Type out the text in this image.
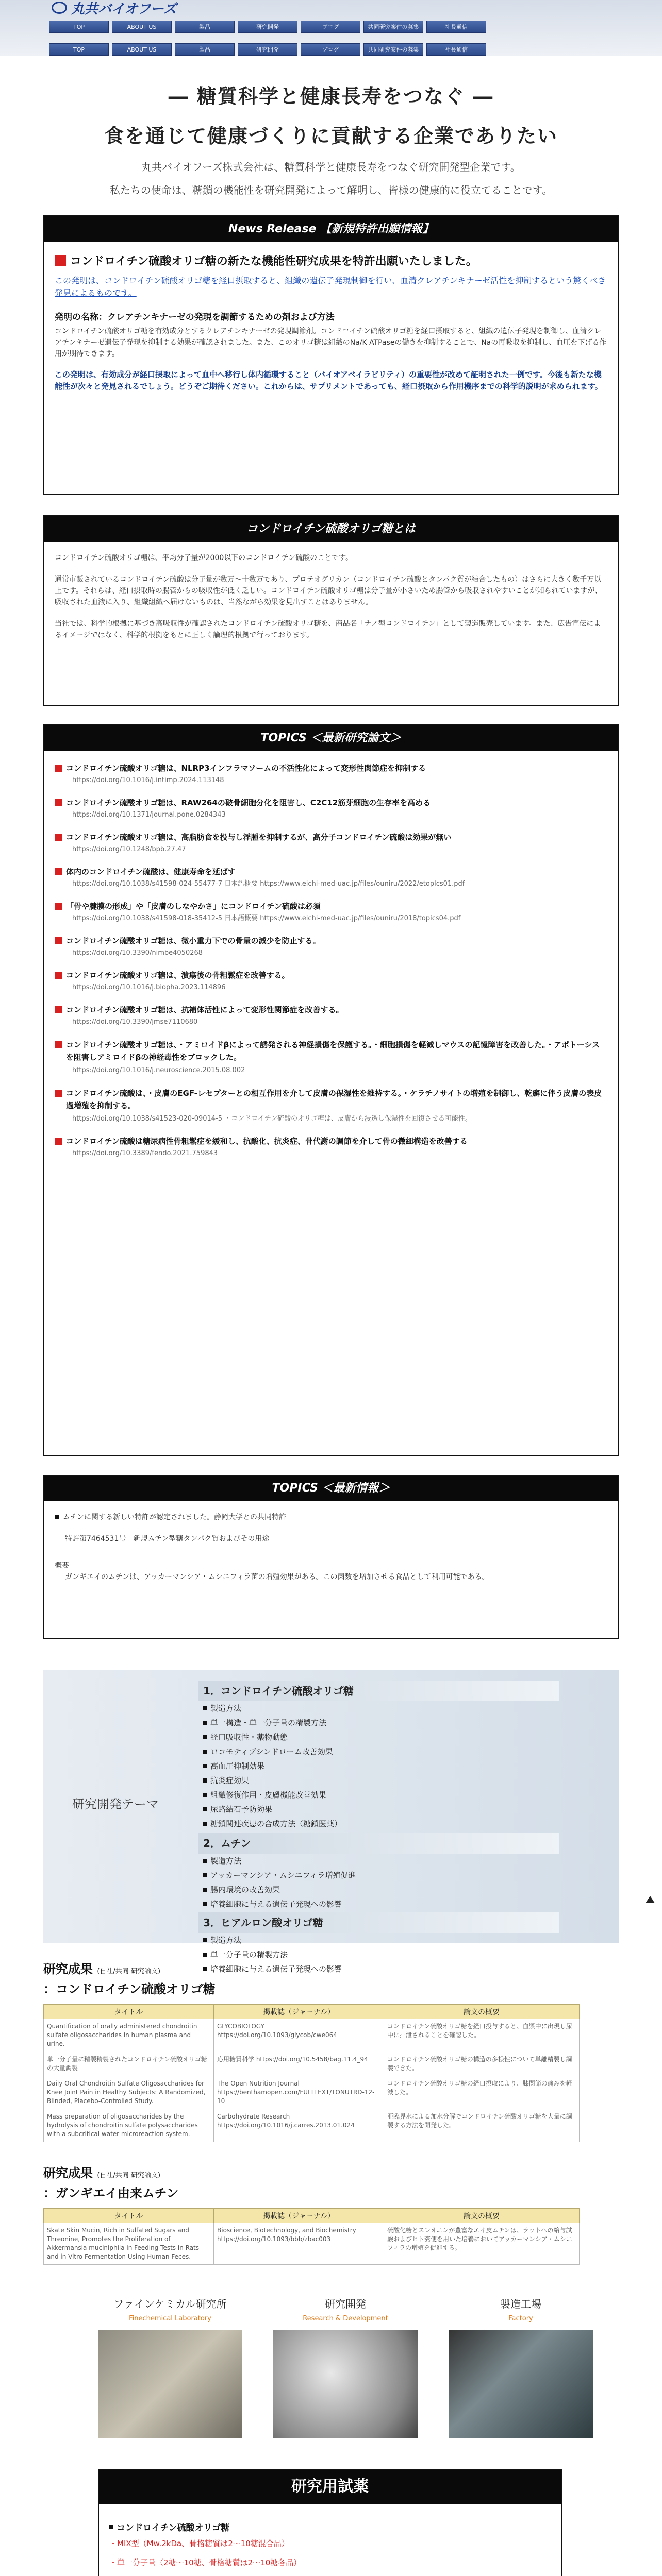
丸共バイオフーズ
TOP	ABOUT US	製品	研究開発	ブログ	共同研究案件の募集	社長通信
TOP	ABOUT US	製品	研究開発	ブログ	共同研究案件の募集	社長通信
― 糖質科学と健康長寿をつなぐ ―
食を通じて健康づくりに貢献する企業でありたい

丸共バイオフーズ株式会社は、糖質科学と健康長寿をつなぐ研究開発型企業です。

私たちの使命は、糖鎖の機能性を研究開発によって解明し、皆様の健康的に役立てることです。

News Release 【新規特許出願情報】
コンドロイチン硫酸オリゴ糖の新たな機能性研究成果を特許出願いたしました。
この発明は、コンドロイチン硫酸オリゴ糖を経口摂取すると、組織の遺伝子発現制御を行い、血清クレアチンキナーゼ活性を抑制するという驚くべき発見によるものです。
発明の名称：クレアチンキナーゼの発現を調節するための剤および方法
コンドロイチン硫酸オリゴ糖を有効成分とするクレアチンキナーゼの発現調節剤。コンドロイチン硫酸オリゴ糖を経口摂取すると、組織の遺伝子発現を制御し、血清クレアチンキナーゼ遺伝子発現を抑制する効果が確認されました。また、このオリゴ糖は組織のNa/K ATPaseの働きを抑制することで、Naの再吸収を抑制し、血圧を下げる作用が期待できます。
この発明は、有効成分が経口摂取によって血中へ移行し体内循環すること（バイオアベイラビリティ）の重要性が改めて証明された一例です。今後も新たな機能性が次々と発見されるでしょう。どうぞご期待ください。これからは、サプリメントであっても、経口摂取から作用機序までの科学的説明が求められます。
コンドロイチン硫酸オリゴ糖とは

コンドロイチン硫酸オリゴ糖は、平均分子量が2000以下のコンドロイチン硫酸のことです。

通常市販されているコンドロイチン硫酸は分子量が数万～十数万であり、プロテオグリカン（コンドロイチン硫酸とタンパク質が結合したもの）はさらに大きく数千万以上です。それらは、経口摂取時の腸管からの吸収性が低く乏しい。コンドロイチン硫酸オリゴ糖は分子量が小さいため腸管から吸収されやすいことが知られていますが、吸収された血液に入り、組織組織へ届けないものは、当然ながら効果を見出すことはありません。

当社では、科学的根拠に基づき高吸収性が確認されたコンドロイチン硫酸オリゴ糖を、商品名「ナノ型コンドロイチン」として製造販売しています。また、広告宣伝によるイメージではなく、科学的根拠をもとに正しく論理的根拠で行っております。

TOPICS ＜最新研究論文＞
コンドロイチン硫酸オリゴ糖は、NLRP3インフラマソームの不活性化によって変形性関節症を抑制する
https://doi.org/10.1016/j.intimp.2024.113148
コンドロイチン硫酸オリゴ糖は、RAW264の破骨細胞分化を阻害し、C2C12筋芽細胞の生存率を高める
https://doi.org/10.1371/journal.pone.0284343
コンドロイチン硫酸オリゴ糖は、高脂肪食を投与し浮腫を抑制するが、高分子コンドロイチン硫酸は効果が無い
https://doi.org/10.1248/bpb.27.47
体内のコンドロイチン硫酸は、健康寿命を延ばす
https://doi.org/10.1038/s41598-024-55477-7 日本語概要 https://www.eichi-med-uac.jp/files/ouniru/2022/etoplcs01.pdf
「骨や腱膜の形成」や「皮膚のしなやかさ」にコンドロイチン硫酸は必須
https://doi.org/10.1038/s41598-018-35412-5 日本語概要 https://www.eichi-med-uac.jp/files/ouniru/2018/topics04.pdf
コンドロイチン硫酸オリゴ糖は、微小重力下での骨量の減少を防止する。
https://doi.org/10.3390/nimbe4050268
コンドロイチン硫酸オリゴ糖は、潰瘍後の骨粗鬆症を改善する。
https://doi.org/10.1016/j.biopha.2023.114896
コンドロイチン硫酸オリゴ糖は、抗補体活性によって変形性関節症を改善する。
https://doi.org/10.3390/jmse7110680
コンドロイチン硫酸オリゴ糖は、・アミロイドβによって誘発される神経損傷を保護する。・細胞損傷を軽減しマウスの記憶障害を改善した。・アポトーシスを阻害しアミロイドβの神経毒性をブロックした。
https://doi.org/10.1016/j.neuroscience.2015.08.002
コンドロイチン硫酸は、・皮膚のEGF-レセプターとの相互作用を介して皮膚の保湿性を維持する。・ケラチノサイトの増殖を制御し、乾癬に伴う皮膚の表皮過増殖を抑制する。
https://doi.org/10.1038/s41523-020-09014-5 ・コンドロイチン硫酸のオリゴ糖は、皮膚から浸透し保湿性を回復させる可能性。
コンドロイチン硫酸は糖尿病性骨粗鬆症を緩和し、抗酸化、抗炎症、骨代謝の調節を介して骨の微細構造を改善する
https://doi.org/10.3389/fendo.2021.759843
TOPICS ＜最新情報＞
ムチンに関する新しい特許が認定されました。静岡大学との共同特許
特許第7464531号　新規ムチン型糖タンパク質およびその用途
概要
ガンギエイのムチンは、アッカーマンシア・ムシニフィラ菌の増殖効果がある。この菌数を増加させる食品として利用可能である。
研究開発テーマ
1．コンドロイチン硫酸オリゴ糖
製造方法
単一構造・単一分子量の精製方法
経口吸収性・薬物動態
ロコモティブシンドローム改善効果
高血圧抑制効果
抗炎症効果
組織修復作用・皮膚機能改善効果
尿路結石予防効果
糖鎖関連疾患の合成方法（糖鎖医薬）
2．ムチン
製造方法
アッカーマンシア・ムシニフィラ増殖促進
腸内環境の改善効果
培養細胞に与える遺伝子発現への影響
3．ヒアルロン酸オリゴ糖
製造方法
単一分子量の精製方法
培養細胞に与える遺伝子発現への影響
研究成果 (自社/共同 研究論文)
：コンドロイチン硫酸オリゴ糖
タイトル	掲載誌（ジャーナル）	論文の概要
Quantification of orally administered chondroitin sulfate oligosaccharides in human plasma and urine.	GLYCOBIOLOGY https://doi.org/10.1093/glycob/cwe064	コンドロイチン硫酸オリゴ糖を経口投与すると、血漿中に出現し尿中に排泄されることを確認した。
単一分子量に精製精製されたコンドロイチン硫酸オリゴ糖の大量調製	応用糖質科学 https://doi.org/10.5458/bag.11.4_94	コンドロイチン硫酸オリゴ糖の構造の多様性について単離精製し調製できた。
Daily Oral Chondroitin Sulfate Oligosaccharides for Knee Joint Pain in Healthy Subjects: A Randomized, Blinded, Placebo-Controlled Study.	The Open Nutrition Journal https://benthamopen.com/FULLTEXT/TONUTRD-12-10	コンドロイチン硫酸オリゴ糖の経口摂取により、膝関節の痛みを軽減した。
Mass preparation of oligosaccharides by the hydrolysis of chondroitin sulfate polysaccharides with a subcritical water microreaction system.	Carbohydrate Research https://doi.org/10.1016/j.carres.2013.01.024	亜臨界水による加水分解でコンドロイチン硫酸オリゴ糖を大量に調製する方法を開発した。
研究成果 (自社/共同 研究論文)
：ガンギエイ由来ムチン
タイトル	掲載誌（ジャーナル）	論文の概要
Skate Skin Mucin, Rich in Sulfated Sugars and Threonine, Promotes the Proliferation of Akkermansia muciniphila in Feeding Tests in Rats and in Vitro Fermentation Using Human Feces.	Bioscience, Biotechnology, and Biochemistry https://doi.org/10.1093/bbb/zbac003	硫酸化糖とスレオニンが豊富なエイ皮ムチンは、ラットへの給与試験およびヒト糞便を用いた培養においてアッカーマンシア・ムシニフィラの増殖を促進する。
ファインケミカル研究所
Finechemical Laboratory
研究開発
Research & Development
製造工場
Factory
研究用試薬
コンドロイチン硫酸オリゴ糖
・MIX型（Mw.2kDa、骨格糖質は2〜10糖混合品）
・単一分子量（2糖〜10糖、骨格糖質は2〜10糖各品）
